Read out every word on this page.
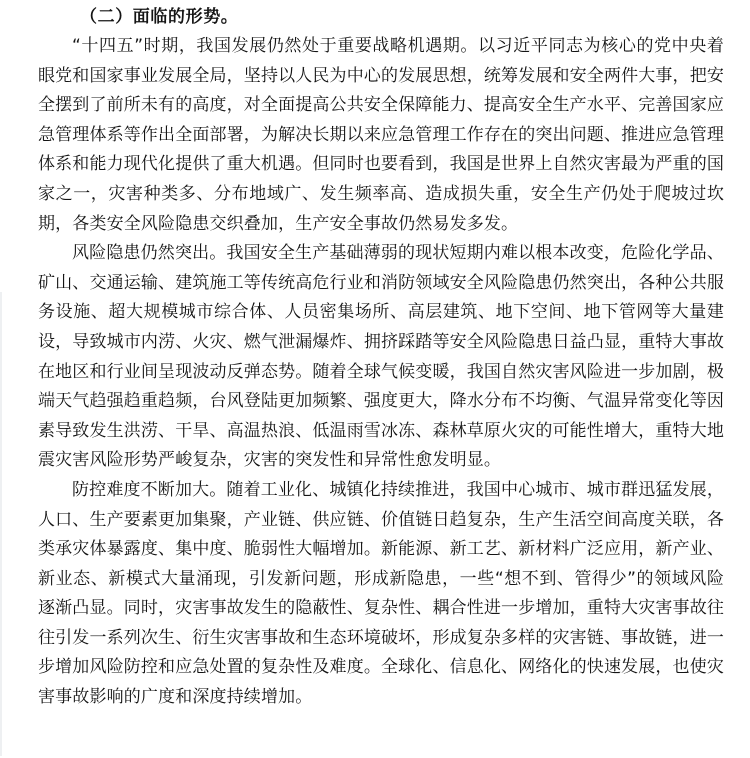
（二）面临的形势。

“十四五”时期，我国发展仍然处于重要战略机遇期。以习近平同志为核心的党中央着眼党和国家事业发展全局，坚持以人民为中心的发展思想，统筹发展和安全两件大事，把安全摆到了前所未有的高度，对全面提高公共安全保障能力、提高安全生产水平、完善国家应急管理体系等作出全面部署，为解决长期以来应急管理工作存在的突出问题、推进应急管理体系和能力现代化提供了重大机遇。但同时也要看到，我国是世界上自然灾害最为严重的国家之一，灾害种类多、分布地域广、发生频率高、造成损失重，安全生产仍处于爬坡过坎期，各类安全风险隐患交织叠加，生产安全事故仍然易发多发。

风险隐患仍然突出。我国安全生产基础薄弱的现状短期内难以根本改变，危险化学品、矿山、交通运输、建筑施工等传统高危行业和消防领域安全风险隐患仍然突出，各种公共服务设施、超大规模城市综合体、人员密集场所、高层建筑、地下空间、地下管网等大量建设，导致城市内涝、火灾、燃气泄漏爆炸、拥挤踩踏等安全风险隐患日益凸显，重特大事故在地区和行业间呈现波动反弹态势。随着全球气候变暖，我国自然灾害风险进一步加剧，极端天气趋强趋重趋频，台风登陆更加频繁、强度更大，降水分布不均衡、气温异常变化等因素导致发生洪涝、干旱、高温热浪、低温雨雪冰冻、森林草原火灾的可能性增大，重特大地震灾害风险形势严峻复杂，灾害的突发性和异常性愈发明显。

防控难度不断加大。随着工业化、城镇化持续推进，我国中心城市、城市群迅猛发展，人口、生产要素更加集聚，产业链、供应链、价值链日趋复杂，生产生活空间高度关联，各类承灾体暴露度、集中度、脆弱性大幅增加。新能源、新工艺、新材料广泛应用，新产业、新业态、新模式大量涌现，引发新问题，形成新隐患，一些“想不到、管得少”的领域风险逐渐凸显。同时，灾害事故发生的隐蔽性、复杂性、耦合性进一步增加，重特大灾害事故往往引发一系列次生、衍生灾害事故和生态环境破坏，形成复杂多样的灾害链、事故链，进一步增加风险防控和应急处置的复杂性及难度。全球化、信息化、网络化的快速发展，也使灾害事故影响的广度和深度持续增加。
